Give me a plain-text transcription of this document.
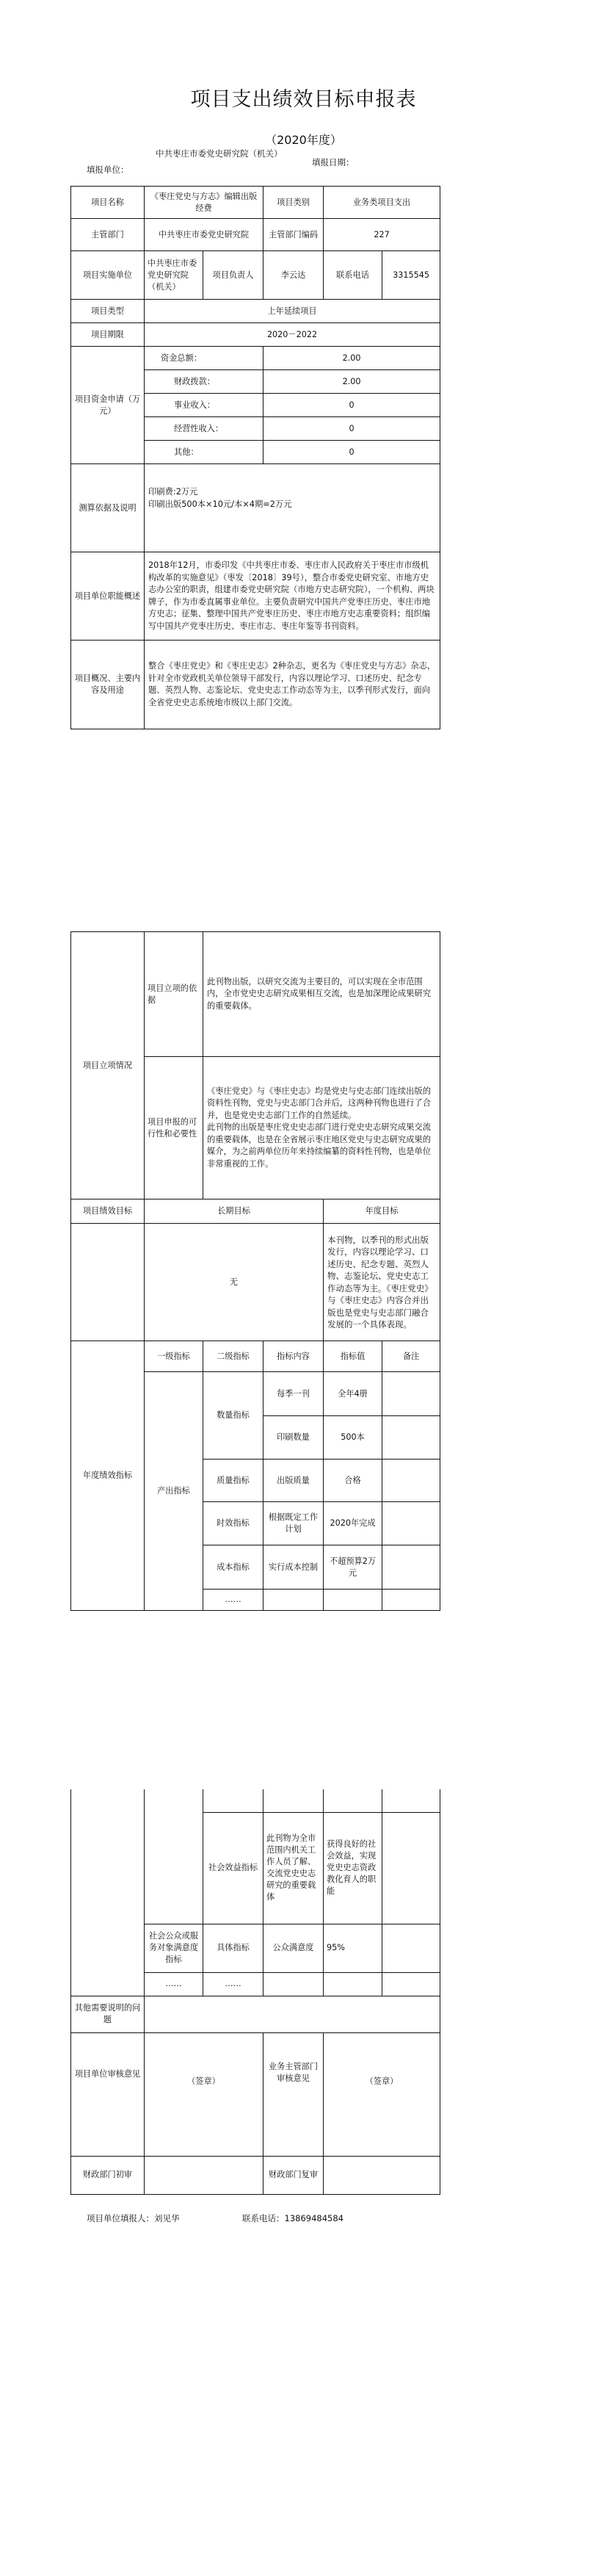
项目支出绩效目标申报表
（2020年度）
填报单位：
中共枣庄市委党史研究院（机关）
填报日期：
项目名称	《枣庄党史与方志》编辑出版经费		项目类别	业务类项目支出	
主管部门	中共枣庄市委党史研究院		主管部门编码	227	
项目实施单位	中共枣庄市委党史研究院（机关）	项目负责人	李云达	联系电话	3315545
项目类型	上年延续项目				
项目期限	2020－2022				
项目资金申请（万元）	资金总额：		2.00		
	财政拨款：		2.00		
	事业收入：		0		
	经营性收入：		0		
	其他：		0		
测算依据及说明	印刷费:2万元
印刷出版500本×10元/本×4期=2万元				
项目单位职能概述	2018年12月，市委印发《中共枣庄市委、枣庄市人民政府关于枣庄市市级机构改革的实施意见》（枣发〔2018〕39号），整合市委党史研究室、市地方史志办公室的职责，组建市委党史研究院（市地方史志研究院），一个机构、两块牌子，作为市委直属事业单位。主要负责研究中国共产党枣庄历史、枣庄市地方史志；征集、整理中国共产党枣庄历史、枣庄市地方史志重要资料；组织编写中国共产党枣庄历史、枣庄市志、枣庄年鉴等书刊资料。				
项目概况、主要内容及用途	整合《枣庄党史》和《枣庄史志》2种杂志，更名为《枣庄党史与方志》杂志，针对全市党政机关单位领导干部发行，内容以理论学习、口述历史、纪念专题、英烈人物、志鉴论坛、党史史志工作动态等为主，以季刊形式发行，面向全省党史史志系统地市级以上部门交流。				
项目立项情况	项目立项的依据	此刊物出版，以研究交流为主要目的，可以实现在全市范围内，全市党史史志研究成果相互交流，也是加深理论成果研究的重要载体。			
	项目申报的可行性和必要性	《枣庄党史》与《枣庄史志》均是党史与史志部门连续出版的资料性刊物，党史与史志部门合并后，这两种刊物也进行了合并，也是党史史志部门工作的自然延续。
此刊物的出版是枣庄党史史志部门进行党史史志研究成果交流的重要载体，也是在全省展示枣庄地区党史与史志研究成果的媒介，为之前两单位历年来持续编纂的资料性刊物，也是单位非常重视的工作。			
项目绩效目标	长期目标			年度目标	
	无			本刊物，以季刊的形式出版发行，内容以理论学习、口述历史、纪念专题、英烈人物、志鉴论坛、党史史志工作动态等为主。《枣庄党史》与《枣庄史志》内容合并出版也是党史与史志部门融合发展的一个具体表现。	
年度绩效指标	一级指标	二级指标	指标内容	指标值	备注
	产出指标	数量指标	每季一刊	全年4册	
			印刷数量	500本	
		质量指标	出版质量	合格	
		时效指标	根据既定工作计划	2020年完成	
		成本指标	实行成本控制	不超预算2万元	
		……			

		社会效益指标	此刊物为全市范围内机关工作人员了解、交流党史史志研究的重要载体	获得良好的社会效益，实现党史史志资政教化育人的职能	
	社会公众或服务对象满意度指标	具体指标	公众满意度	95%	
	……	……			
其他需要说明的问题					
项目单位审核意见	（签章）		业务主管部门审核意见	（签章）	
财政部门初审			财政部门复审		
项目单位填报人：刘见华	联系电话：13869484584
